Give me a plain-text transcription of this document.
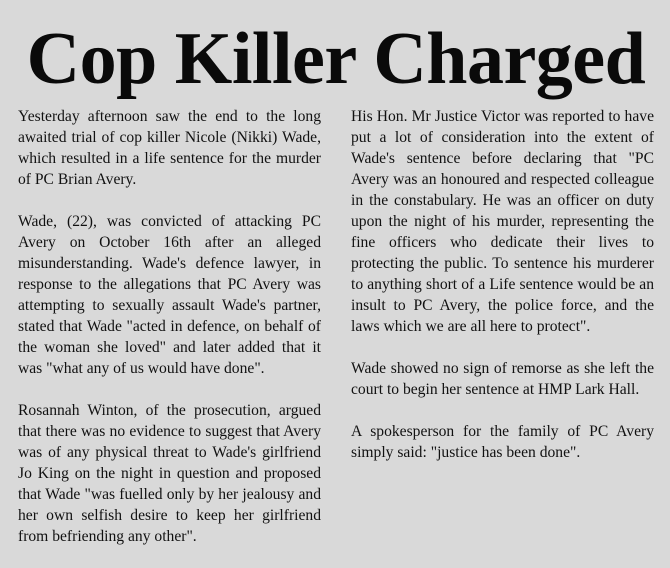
Cop Killer Charged

Yesterday afternoon saw the end to the long awaited trial of cop killer Nicole (Nikki) Wade, which resulted in a life sentence for the murder of PC Brian Avery.

Wade, (22), was convicted of attacking PC Avery on October 16th after an alleged misunderstanding. Wade's defence lawyer, in response to the allegations that PC Avery was attempting to sexually assault Wade's partner, stated that Wade "acted in defence, on behalf of the woman she loved" and later added that it was "what any of us would have done".

Rosannah Winton, of the prosecution, argued that there was no evidence to suggest that Avery was of any physical threat to Wade's girlfriend Jo King on the night in question and proposed that Wade "was fuelled only by her jealousy and her own selfish desire to keep her girlfriend from befriending any other".

His Hon. Mr Justice Victor was reported to have put a lot of consideration into the extent of Wade's sentence before declaring that "PC Avery was an honoured and respected colleague in the constabulary. He was an officer on duty upon the night of his murder, representing the fine officers who dedicate their lives to protecting the public. To sentence his murderer to anything short of a Life sentence would be an insult to PC Avery, the police force, and the laws which we are all here to protect".

Wade showed no sign of remorse as she left the court to begin her sentence at HMP Lark Hall.

A spokesperson for the family of PC Avery simply said: "justice has been done".
